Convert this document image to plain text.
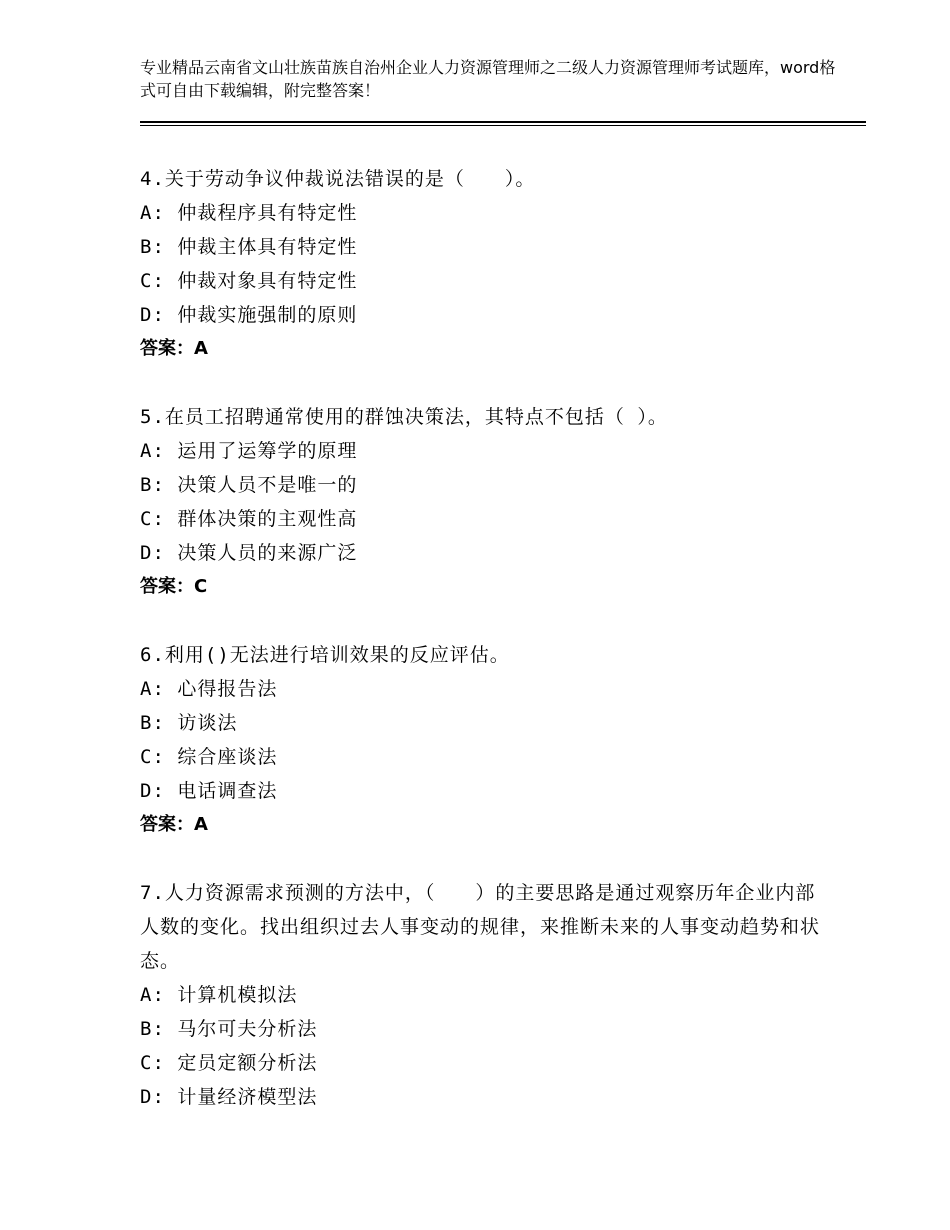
专业精品云南省文山壮族苗族自治州企业人力资源管理师之二级人力资源管理师考试题库，word格式可自由下载编辑，附完整答案！
4.关于劳动争议仲裁说法错误的是（　　）。
A: 仲裁程序具有特定性
B: 仲裁主体具有特定性
C: 仲裁对象具有特定性
D: 仲裁实施强制的原则
答案：A
5.在员工招聘通常使用的群蚀决策法，其特点不包括（ ）。
A: 运用了运筹学的原理
B: 决策人员不是唯一的
C: 群体决策的主观性高
D: 决策人员的来源广泛
答案：C
6.利用()无法进行培训效果的反应评估。
A: 心得报告法
B: 访谈法
C: 综合座谈法
D: 电话调查法
答案：A
7.人力资源需求预测的方法中，（　　）的主要思路是通过观察历年企业内部人数的变化。找出组织过去人事变动的规律，来推断未来的人事变动趋势和状态。
A: 计算机模拟法
B: 马尔可夫分析法
C: 定员定额分析法
D: 计量经济模型法
